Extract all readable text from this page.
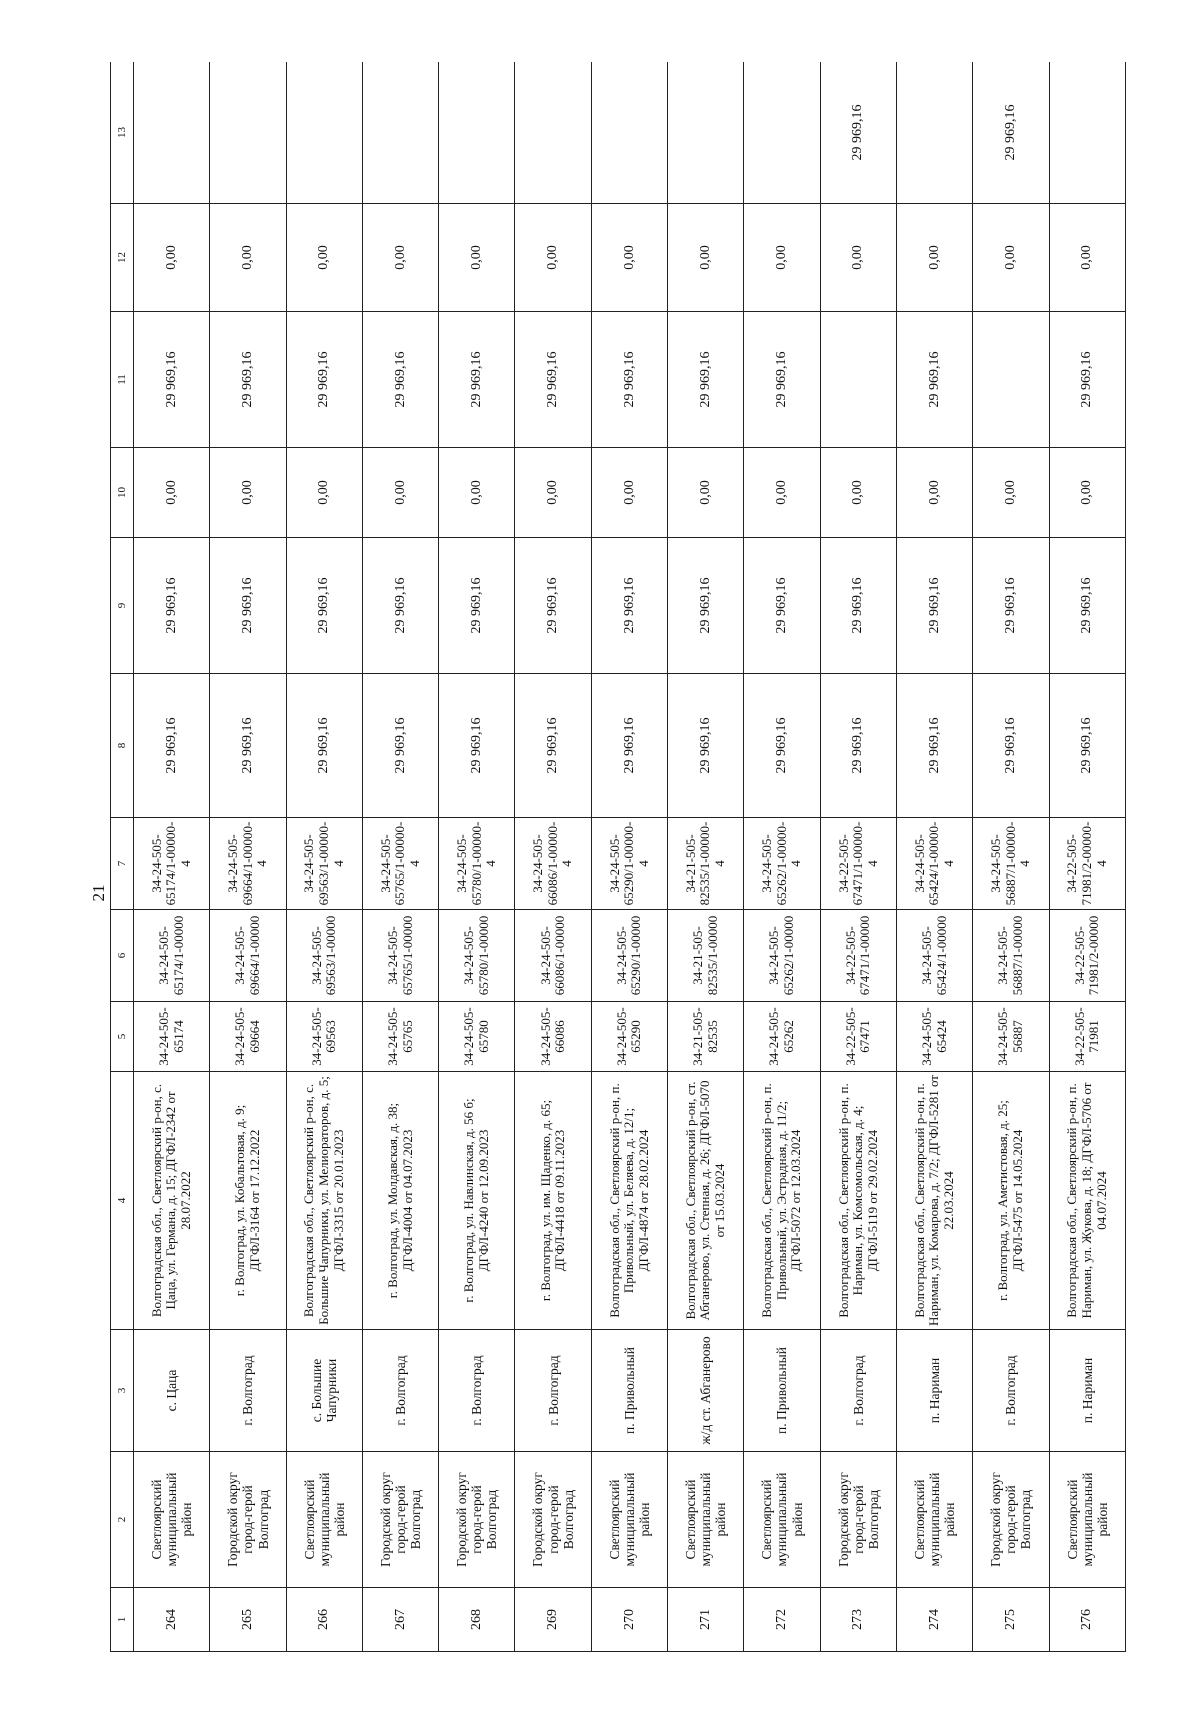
21
1	2	3	4	5	6	7	8	9	10	11	12	13
264	Светлоярский муниципальный район	с. Цаца	Волгоградская обл., Светлоярский р-он, с. Цаца, ул. Германа, д. 15; ДГФЛ-2342 от 28.07.2022	34-24-505-65174	34-24-505-65174/1-00000	34-24-505-65174/1-00000-4	29 969,16	29 969,16	0,00	29 969,16	0,00	
265	Городской округ город-герой Волгоград	г. Волгоград	г. Волгоград, ул. Кобальтовая, д. 9; ДГФЛ-3164 от 17.12.2022	34-24-505-69664	34-24-505-69664/1-00000	34-24-505-69664/1-00000-4	29 969,16	29 969,16	0,00	29 969,16	0,00	
266	Светлоярский муниципальный район	с. Большие Чапурники	Волгоградская обл., Светлоярский р-он, с. Большие Чапурники, ул. Мелиораторов, д. 5; ДГФЛ-3315 от 20.01.2023	34-24-505-69563	34-24-505-69563/1-00000	34-24-505-69563/1-00000-4	29 969,16	29 969,16	0,00	29 969,16	0,00	
267	Городской округ город-герой Волгоград	г. Волгоград	г. Волгоград, ул. Молдавская, д. 38; ДГФЛ-4004 от 04.07.2023	34-24-505-65765	34-24-505-65765/1-00000	34-24-505-65765/1-00000-4	29 969,16	29 969,16	0,00	29 969,16	0,00	
268	Городской округ город-герой Волгоград	г. Волгоград	г. Волгоград, ул. Навлинская, д. 56 б; ДГФЛ-4240 от 12.09.2023	34-24-505-65780	34-24-505-65780/1-00000	34-24-505-65780/1-00000-4	29 969,16	29 969,16	0,00	29 969,16	0,00	
269	Городской округ город-герой Волгоград	г. Волгоград	г. Волгоград, ул. им. Щаденко, д. 65; ДГФЛ-4418 от 09.11.2023	34-24-505-66086	34-24-505-66086/1-00000	34-24-505-66086/1-00000-4	29 969,16	29 969,16	0,00	29 969,16	0,00	
270	Светлоярский муниципальный район	п. Привольный	Волгоградская обл., Светлоярский р-он, п. Привольный, ул. Беляева, д. 12/1; ДГФЛ-4874 от 28.02.2024	34-24-505-65290	34-24-505-65290/1-00000	34-24-505-65290/1-00000-4	29 969,16	29 969,16	0,00	29 969,16	0,00	
271	Светлоярский муниципальный район	ж/д ст. Абганерово	Волгоградская обл., Светлоярский р-он, ст. Абганерово, ул. Степная, д. 26; ДГФЛ-5070 от 15.03.2024	34-21-505-82535	34-21-505-82535/1-00000	34-21-505-82535/1-00000-4	29 969,16	29 969,16	0,00	29 969,16	0,00	
272	Светлоярский муниципальный район	п. Привольный	Волгоградская обл., Светлоярский р-он, п. Привольный, ул. Эстрадная, д. 11/2; ДГФЛ-5072 от 12.03.2024	34-24-505-65262	34-24-505-65262/1-00000	34-24-505-65262/1-00000-4	29 969,16	29 969,16	0,00	29 969,16	0,00	
273	Городской округ город-герой Волгоград	г. Волгоград	Волгоградская обл., Светлоярский р-он, п. Нариман, ул. Комсомольская, д. 4; ДГФЛ-5119 от 29.02.2024	34-22-505-67471	34-22-505-67471/1-00000	34-22-505-67471/1-00000-4	29 969,16	29 969,16	0,00		0,00	29 969,16
274	Светлоярский муниципальный район	п. Нариман	Волгоградская обл., Светлоярский р-он, п. Нариман, ул. Комарова, д. 7/2; ДГФЛ-5281 от 22.03.2024	34-24-505-65424	34-24-505-65424/1-00000	34-24-505-65424/1-00000-4	29 969,16	29 969,16	0,00	29 969,16	0,00	
275	Городской округ город-герой Волгоград	г. Волгоград	г. Волгоград, ул. Аметистовая, д. 25; ДГФЛ-5475 от 14.05.2024	34-24-505-56887	34-24-505-56887/1-00000	34-24-505-56887/1-00000-4	29 969,16	29 969,16	0,00		0,00	29 969,16
276	Светлоярский муниципальный район	п. Нариман	Волгоградская обл., Светлоярский р-он, п. Нариман, ул. Жукова, д. 18; ДГФЛ-5706 от 04.07.2024	34-22-505-71981	34-22-505-71981/2-00000	34-22-505-71981/2-00000-4	29 969,16	29 969,16	0,00	29 969,16	0,00	
